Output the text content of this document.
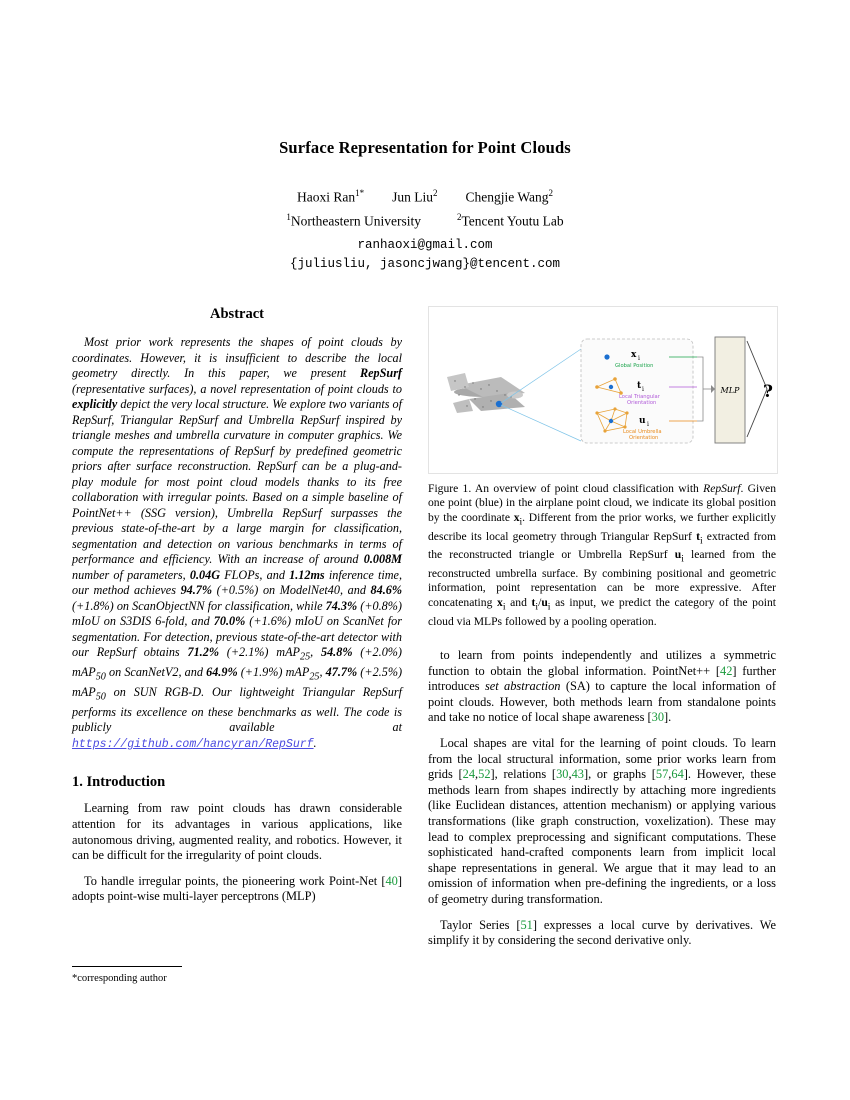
Surface Representation for Point Clouds
Haoxi Ran$^{1*}$ Jun Liu$^2$ Chengjie Wang$^2$
$^1$Northeastern University	$^2$Tencent Youtu Lab
ranhaoxi@gmail.com
{juliusliu, jasoncjwang}@tencent.com
Abstract

Most prior work represents the shapes of point clouds by coordinates. However, it is insufficient to describe the local geometry directly. In this paper, we present RepSurf (representative surfaces), a novel representation of point clouds to explicitly depict the very local structure. We explore two variants of RepSurf, Triangular RepSurf and Umbrella RepSurf inspired by triangle meshes and umbrella curvature in computer graphics. We compute the representations of RepSurf by predefined geometric priors after surface reconstruction. RepSurf can be a plug-and-play module for most point cloud models thanks to its free collaboration with irregular points. Based on a simple baseline of PointNet++ (SSG version), Umbrella RepSurf surpasses the previous state-of-the-art by a large margin for classification, segmentation and detection on various benchmarks in terms of performance and efficiency. With an increase of around 0.008M number of parameters, 0.04G FLOPs, and 1.12ms inference time, our method achieves 94.7% (+0.5%) on ModelNet40, and 84.6% (+1.8%) on ScanObjectNN for classification, while 74.3% (+0.8%) mIoU on S3DIS 6-fold, and 70.0% (+1.6%) mIoU on ScanNet for segmentation. For detection, previous state-of-the-art detector with our RepSurf obtains 71.2% (+2.1%) mAP$_{25}$, 54.8% (+2.0%) mAP$_{50}$ on ScanNetV2, and 64.9% (+1.9%) mAP$_{25}$, 47.7% (+2.5%) mAP$_{50}$ on SUN RGB-D. Our lightweight Triangular RepSurf performs its excellence on these benchmarks as well. The code is publicly available at https://github.com/hancyran/RepSurf.

1. Introduction

Learning from raw point clouds has drawn considerable attention for its advantages in various applications, like autonomous driving, augmented reality, and robotics. However, it can be difficult for the irregularity of point clouds.

To handle irregular points, the pioneering work Point-Net [40] adopts point-wise multi-layer perceptrons (MLP)

x i
Global Position
t i
Local Triangular
Orientation
u i
Local Umbrella
Orientation
MLP ?
Figure 1. An overview of point cloud classification with RepSurf. Given one point (blue) in the airplane point cloud, we indicate its global position by the coordinate $x_i$. Different from the prior works, we further explicitly describe its local geometry through Triangular RepSurf $t_i$ extracted from the reconstructed triangle or Umbrella RepSurf $u_i$ learned from the reconstructed umbrella surface. By combining positional and geometric information, point representation can be more expressive. After concatenating $x_i$ and $t_i/u_i$ as input, we predict the category of the point cloud via MLPs followed by a pooling operation.

to learn from points independently and utilizes a symmetric function to obtain the global information. PointNet++ [42] further introduces set abstraction (SA) to capture the local information of point clouds. However, both methods learn from standalone points and take no notice of local shape awareness [30].

Local shapes are vital for the learning of point clouds. To learn from the local structural information, some prior works learn from grids [24,52], relations [30,43], or graphs [57,64]. However, these methods learn from shapes indirectly by attaching more ingredients (like Euclidean distances, attention mechanism) or applying various transformations (like graph construction, voxelization). These may lead to complex preprocessing and significant computations. These sophisticated hand-crafted components learn from implicit local shape representations in general. We argue that it may lead to an omission of information when pre-defining the ingredients, or a loss of geometry during transformation.

Taylor Series [51] expresses a local curve by derivatives. We simplify it by considering the second derivative only.

*corresponding author
